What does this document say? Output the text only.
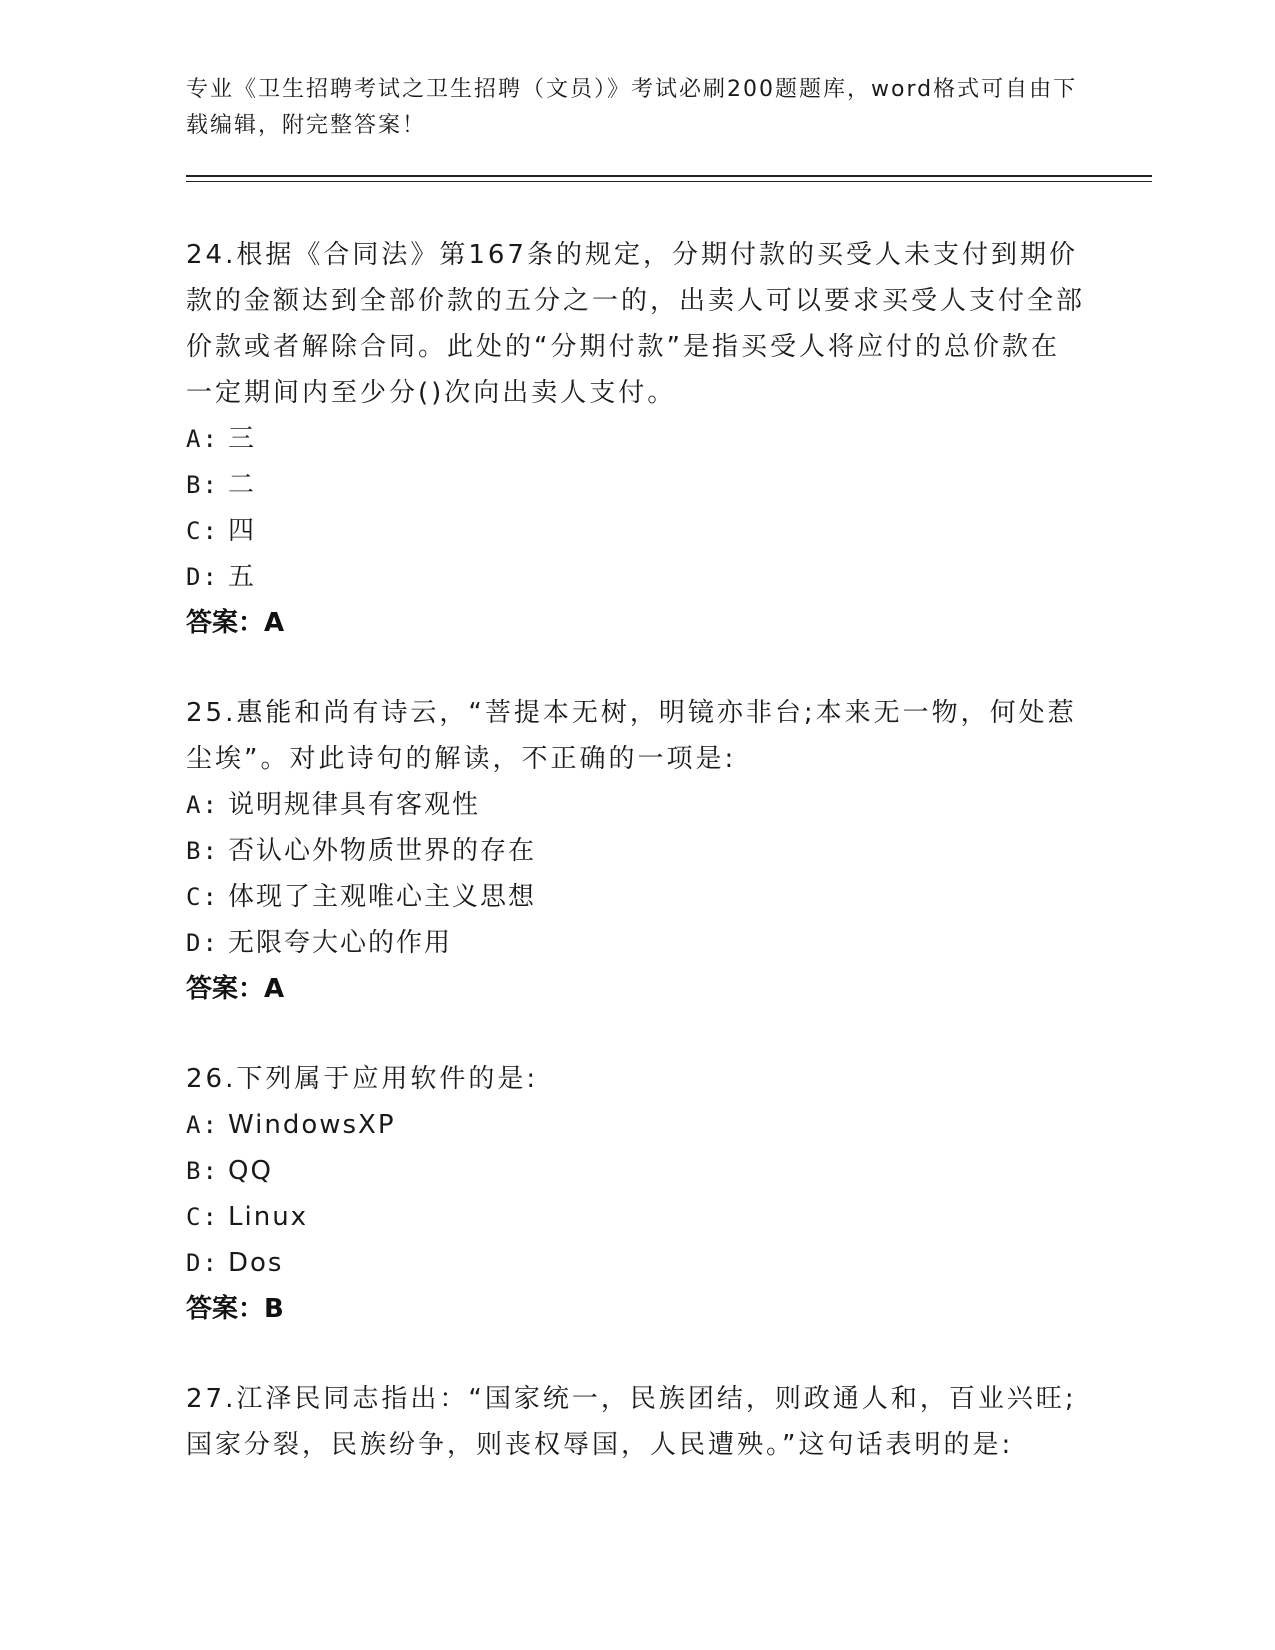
专业《卫生招聘考试之卫生招聘（文员）》考试必刷200题题库，word格式可自由下载编辑，附完整答案！

24.根据《合同法》第167条的规定，分期付款的买受人未支付到期价款的金额达到全部价款的五分之一的，出卖人可以要求买受人支付全部价款或者解除合同。此处的“分期付款”是指买受人将应付的总价款在一定期间内至少分()次向出卖人支付。

A: 三

B: 二

C: 四

D: 五

答案：A

25.惠能和尚有诗云，“菩提本无树，明镜亦非台;本来无一物，何处惹尘埃”。对此诗句的解读，不正确的一项是:

A: 说明规律具有客观性

B: 否认心外物质世界的存在

C: 体现了主观唯心主义思想

D: 无限夸大心的作用

答案：A

26.下列属于应用软件的是:

A: WindowsXP

B: QQ

C: Linux

D: Dos

答案：B

27.江泽民同志指出：“国家统一，民族团结，则政通人和，百业兴旺;国家分裂，民族纷争，则丧权辱国，人民遭殃。”这句话表明的是:
